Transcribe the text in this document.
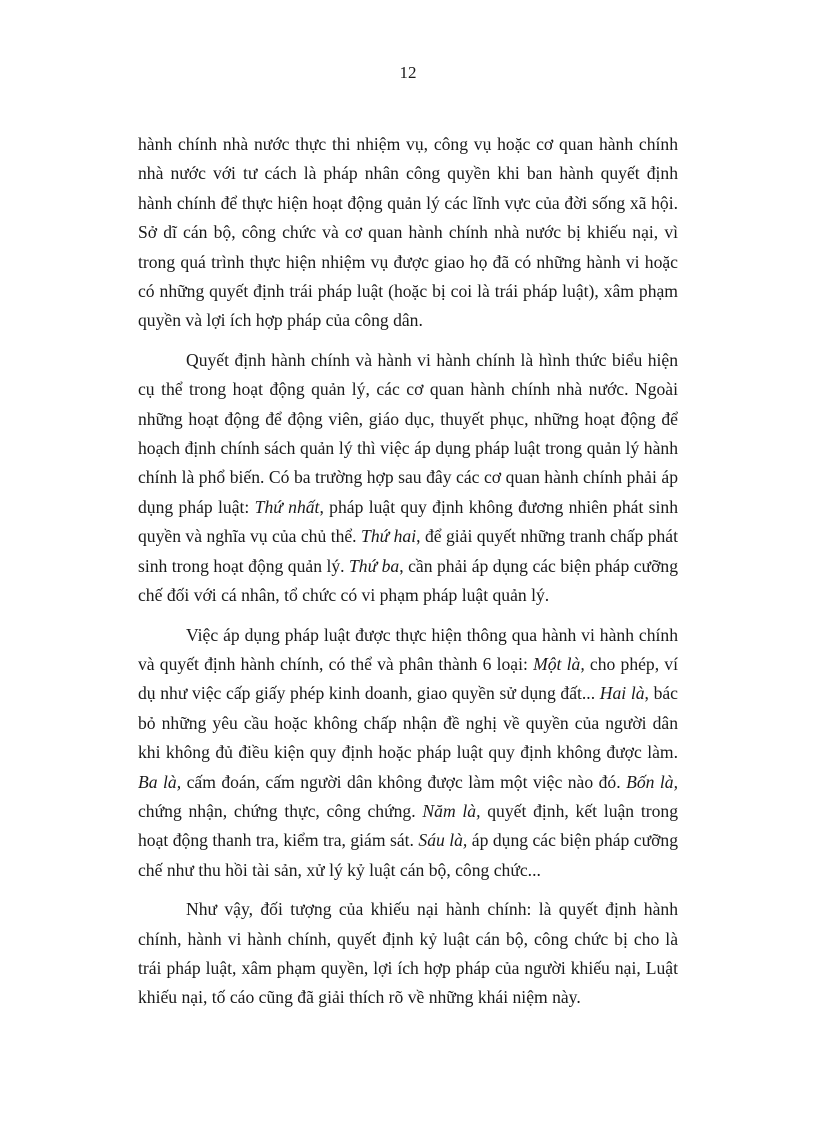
12

hành chính nhà nước thực thi nhiệm vụ, công vụ hoặc cơ quan hành chính nhà nước với tư cách là pháp nhân công quyền khi ban hành quyết định hành chính để thực hiện hoạt động quản lý các lĩnh vực của đời sống xã hội. Sở dĩ cán bộ, công chức và cơ quan hành chính nhà nước bị khiếu nại, vì trong quá trình thực hiện nhiệm vụ được giao họ đã có những hành vi hoặc có những quyết định trái pháp luật (hoặc bị coi là trái pháp luật), xâm phạm quyền và lợi ích hợp pháp của công dân.

Quyết định hành chính và hành vi hành chính là hình thức biểu hiện cụ thể trong hoạt động quản lý, các cơ quan hành chính nhà nước. Ngoài những hoạt động để động viên, giáo dục, thuyết phục, những hoạt động để hoạch định chính sách quản lý thì việc áp dụng pháp luật trong quản lý hành chính là phổ biến. Có ba trường hợp sau đây các cơ quan hành chính phải áp dụng pháp luật: Thứ nhất, pháp luật quy định không đương nhiên phát sinh quyền và nghĩa vụ của chủ thể. Thứ hai, để giải quyết những tranh chấp phát sinh trong hoạt động quản lý. Thứ ba, cần phải áp dụng các biện pháp cưỡng chế đối với cá nhân, tổ chức có vi phạm pháp luật quản lý.

Việc áp dụng pháp luật được thực hiện thông qua hành vi hành chính và quyết định hành chính, có thể và phân thành 6 loại: Một là, cho phép, ví dụ như việc cấp giấy phép kinh doanh, giao quyền sử dụng đất... Hai là, bác bỏ những yêu cầu hoặc không chấp nhận đề nghị về quyền của người dân khi không đủ điều kiện quy định hoặc pháp luật quy định không được làm. Ba là, cấm đoán, cấm người dân không được làm một việc nào đó. Bốn là, chứng nhận, chứng thực, công chứng. Năm là, quyết định, kết luận trong hoạt động thanh tra, kiểm tra, giám sát. Sáu là, áp dụng các biện pháp cưỡng chế như thu hồi tài sản, xử lý kỷ luật cán bộ, công chức...

Như vậy, đối tượng của khiếu nại hành chính: là quyết định hành chính, hành vi hành chính, quyết định kỷ luật cán bộ, công chức bị cho là trái pháp luật, xâm phạm quyền, lợi ích hợp pháp của người khiếu nại, Luật khiếu nại, tố cáo cũng đã giải thích rõ về những khái niệm này.
